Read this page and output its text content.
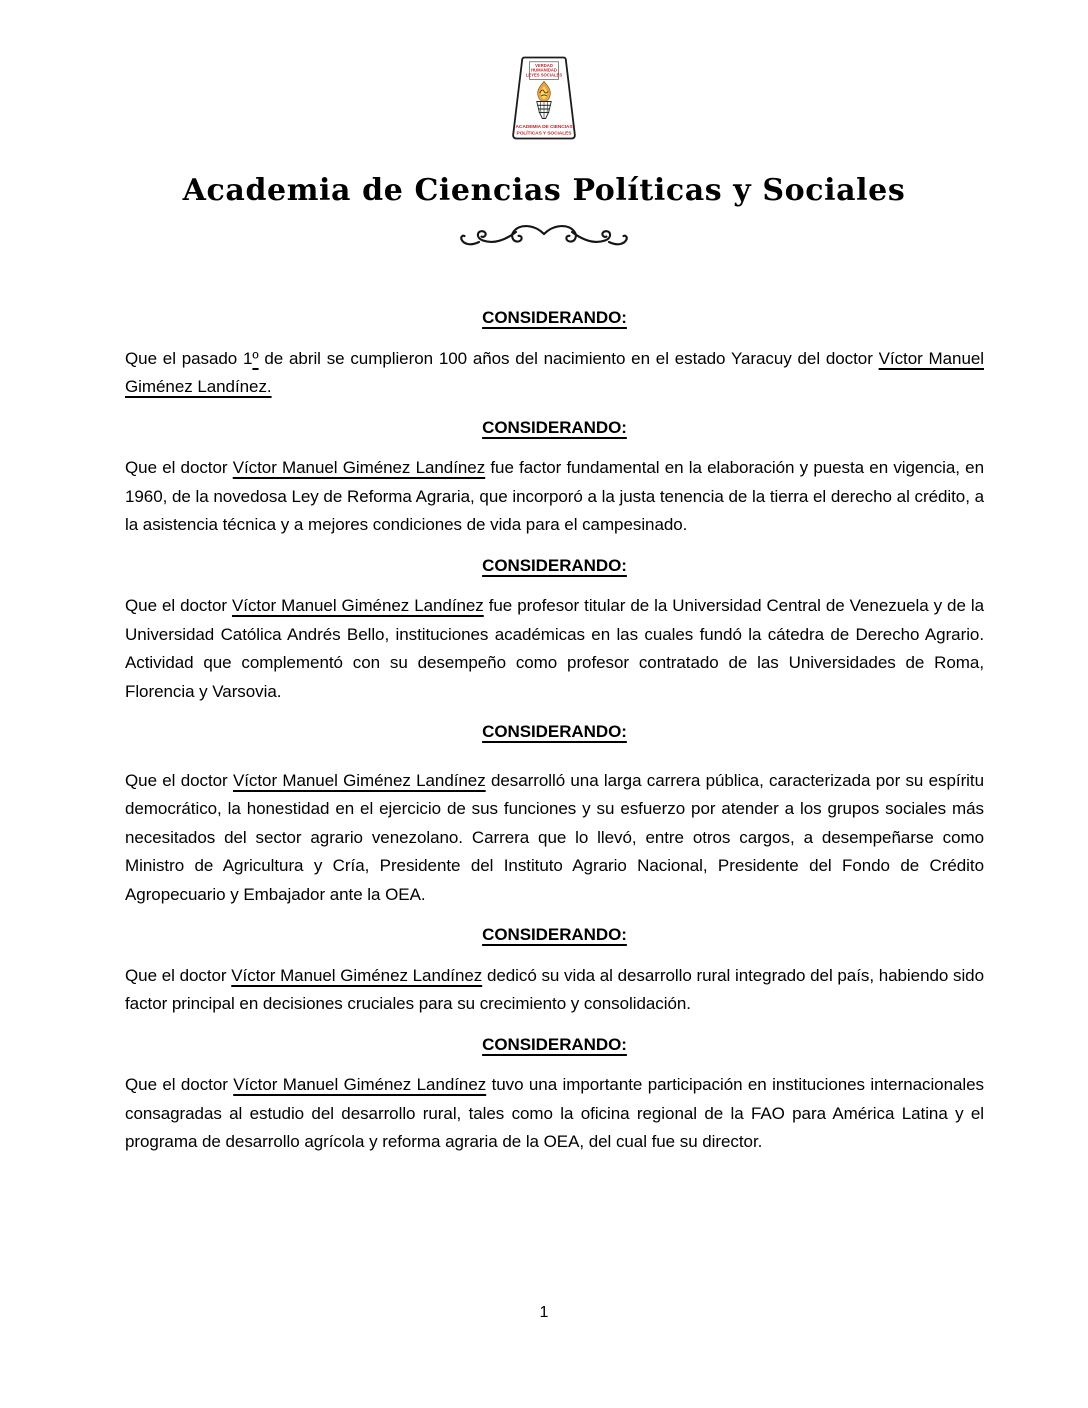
VERDAD
HUMANIDAD
LEYES SOCIALES
ACADEMIA DE CIENCIAS
POLÍTICAS Y SOCIALES
Academia de Ciencias Políticas y Sociales

CONSIDERANDO:

Que el pasado 1º de abril se cumplieron 100 años del nacimiento en el estado Yaracuy del doctor Víctor Manuel Giménez Landínez.

CONSIDERANDO:

Que el doctor Víctor Manuel Giménez Landínez fue factor fundamental en la elaboración y puesta en vigencia, en 1960, de la novedosa Ley de Reforma Agraria, que incorporó a la justa tenencia de la tierra el derecho al crédito, a la asistencia técnica y a mejores condiciones de vida para el campesinado.

CONSIDERANDO:

Que el doctor Víctor Manuel Giménez Landínez fue profesor titular de la Universidad Central de Venezuela y de la Universidad Católica Andrés Bello, instituciones académicas en las cuales fundó la cátedra de Derecho Agrario. Actividad que complementó con su desempeño como profesor contratado de las Universidades de Roma, Florencia y Varsovia.

CONSIDERANDO:

Que el doctor Víctor Manuel Giménez Landínez desarrolló una larga carrera pública, caracterizada por su espíritu democrático, la honestidad en el ejercicio de sus funciones y su esfuerzo por atender a los grupos sociales más necesitados del sector agrario venezolano. Carrera que lo llevó, entre otros cargos, a desempeñarse como Ministro de Agricultura y Cría, Presidente del Instituto Agrario Nacional, Presidente del Fondo de Crédito Agropecuario y Embajador ante la OEA.

CONSIDERANDO:

Que el doctor Víctor Manuel Giménez Landínez dedicó su vida al desarrollo rural integrado del país, habiendo sido factor principal en decisiones cruciales para su crecimiento y consolidación.

CONSIDERANDO:

Que el doctor Víctor Manuel Giménez Landínez tuvo una importante participación en instituciones internacionales consagradas al estudio del desarrollo rural, tales como la oficina regional de la FAO para América Latina y el programa de desarrollo agrícola y reforma agraria de la OEA, del cual fue su director.

1
